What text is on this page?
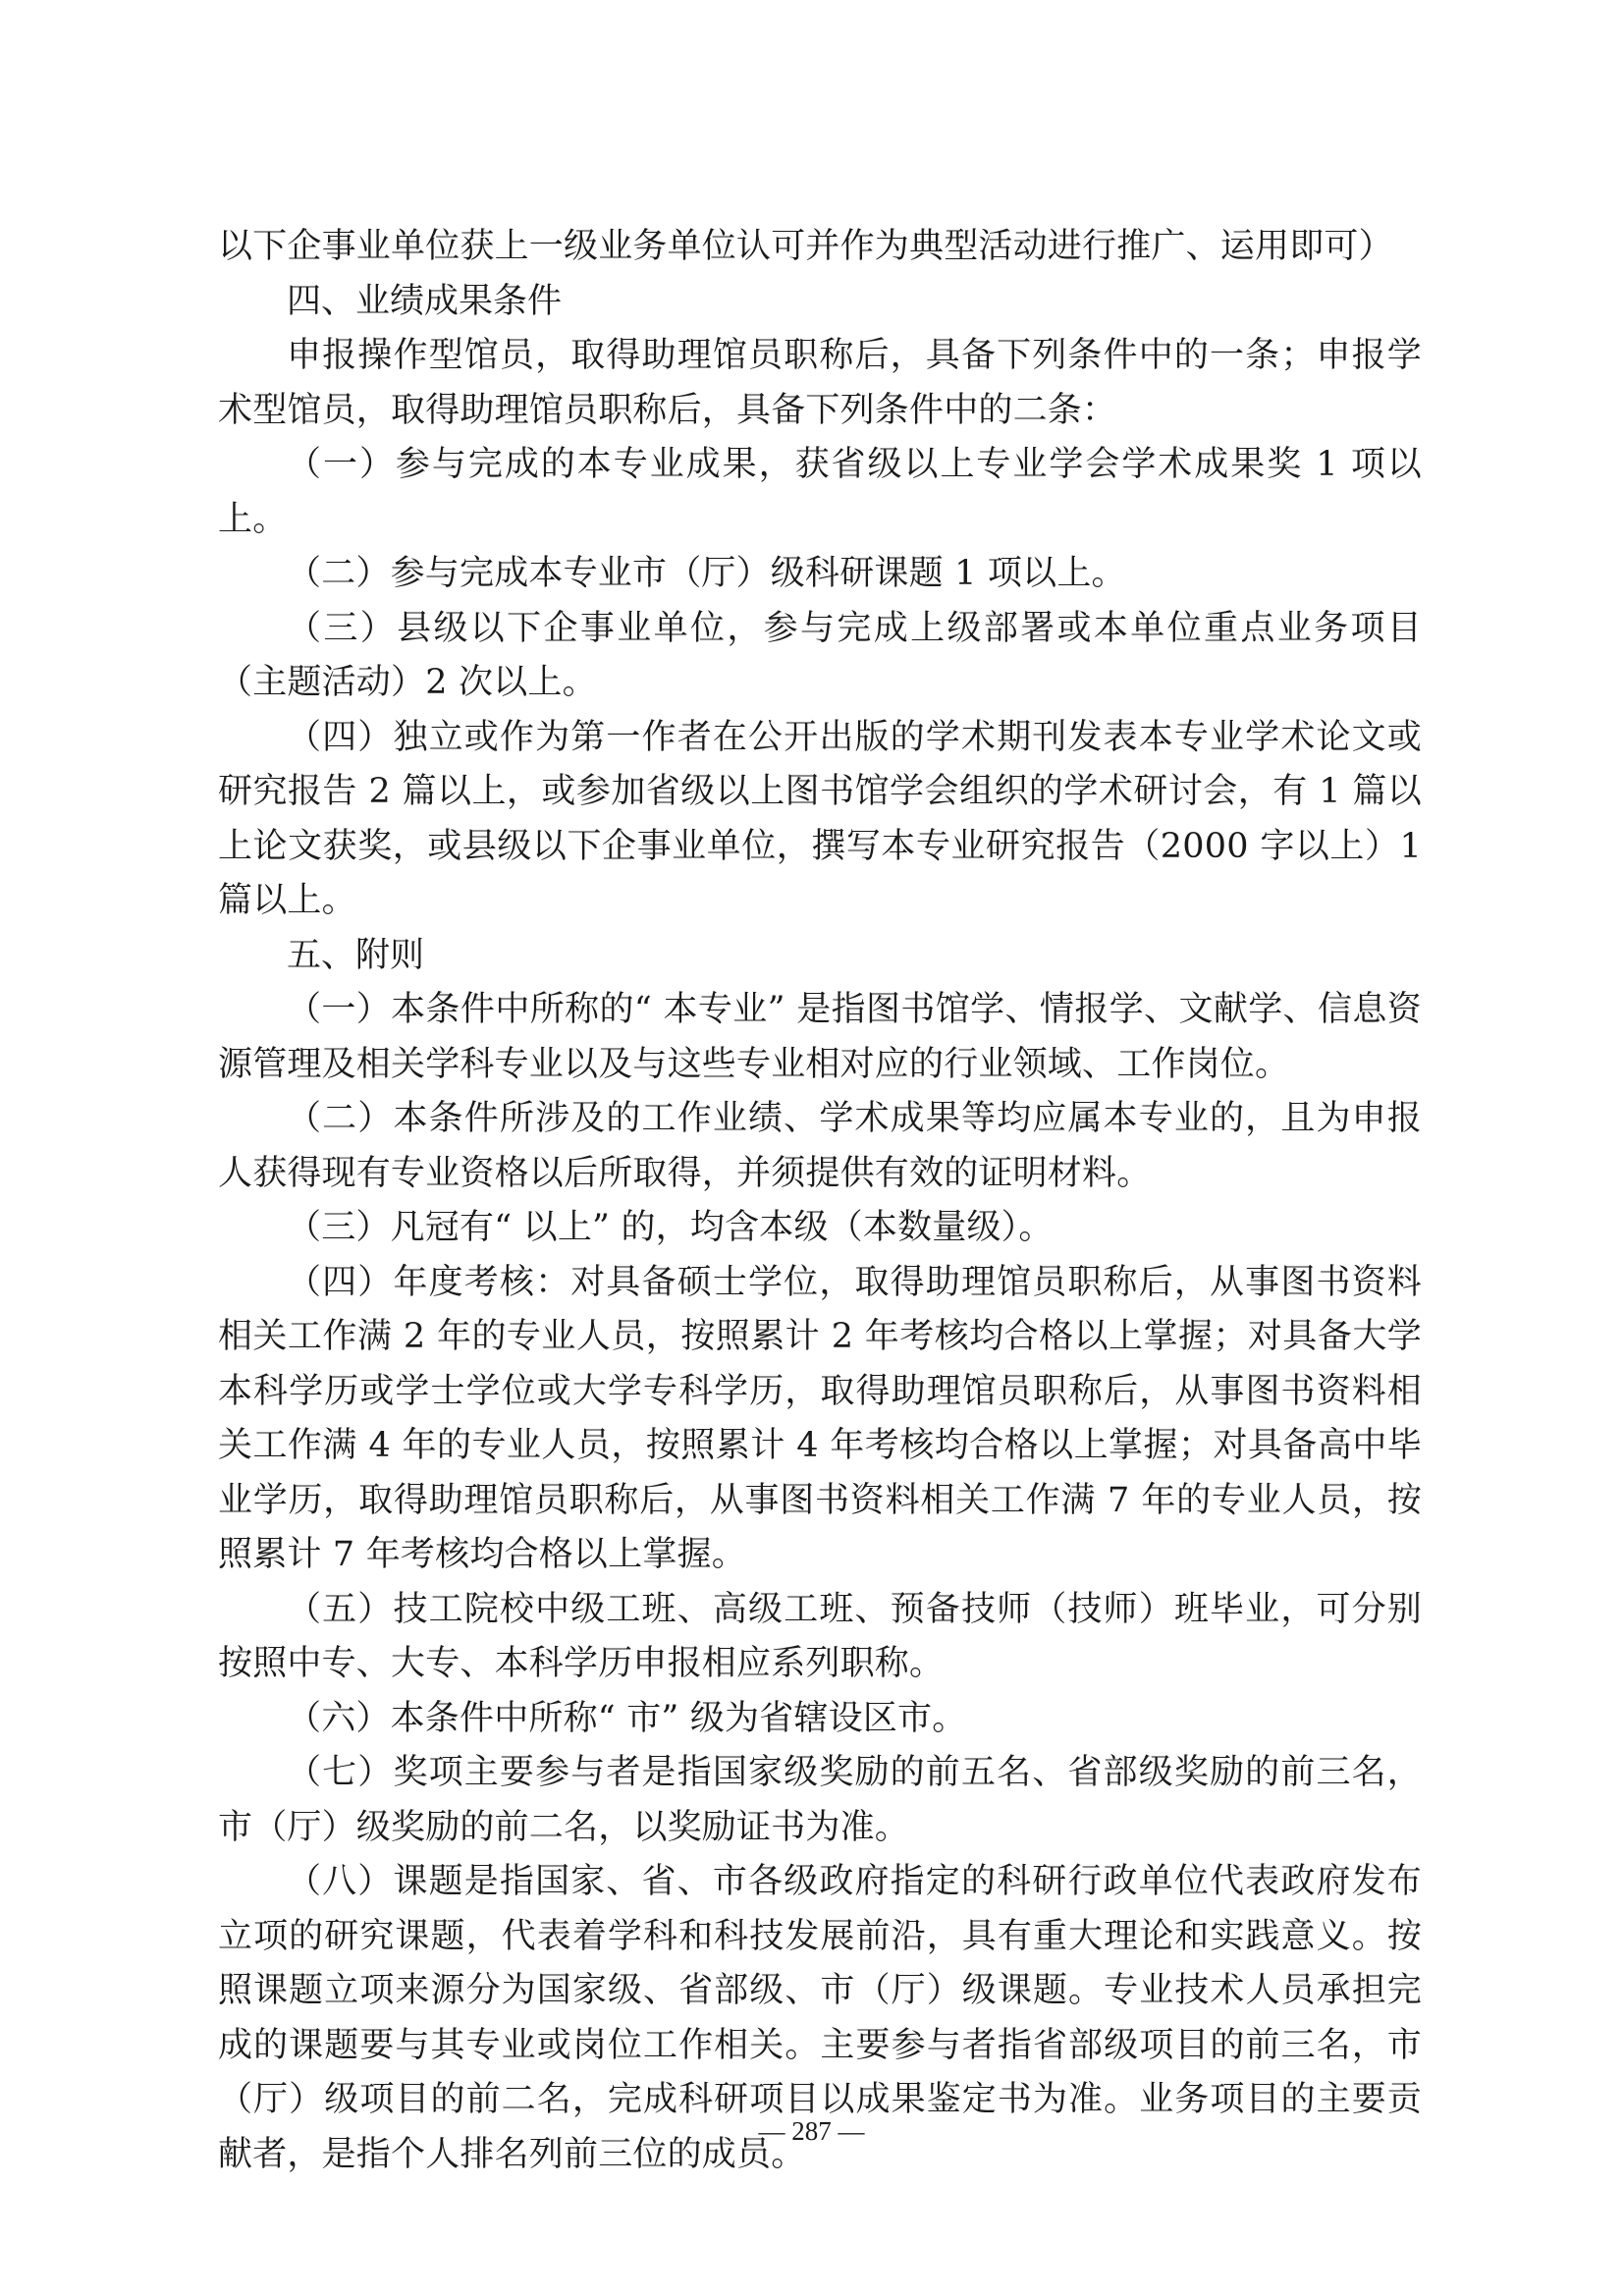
以下企事业单位获上一级业务单位认可并作为典型活动进行推广、运用即可）

四、业绩成果条件

申报操作型馆员，取得助理馆员职称后，具备下列条件中的一条；申报学术型馆员，取得助理馆员职称后，具备下列条件中的二条：

（一）参与完成的本专业成果，获省级以上专业学会学术成果奖 1 项以上。

（二）参与完成本专业市（厅）级科研课题 1 项以上。

（三）县级以下企事业单位，参与完成上级部署或本单位重点业务项目（主题活动）2 次以上。

（四）独立或作为第一作者在公开出版的学术期刊发表本专业学术论文或研究报告 2 篇以上，或参加省级以上图书馆学会组织的学术研讨会，有 1 篇以上论文获奖，或县级以下企事业单位，撰写本专业研究报告（2000 字以上）1 篇以上。

五、附则

（一）本条件中所称的“ 本专业” 是指图书馆学、情报学、文献学、信息资源管理及相关学科专业以及与这些专业相对应的行业领域、工作岗位。

（二）本条件所涉及的工作业绩、学术成果等均应属本专业的，且为申报人获得现有专业资格以后所取得，并须提供有效的证明材料。

（三）凡冠有“ 以上” 的，均含本级（本数量级）。

（四）年度考核：对具备硕士学位，取得助理馆员职称后，从事图书资料相关工作满 2 年的专业人员，按照累计 2 年考核均合格以上掌握；对具备大学本科学历或学士学位或大学专科学历，取得助理馆员职称后，从事图书资料相关工作满 4 年的专业人员，按照累计 4 年考核均合格以上掌握；对具备高中毕业学历，取得助理馆员职称后，从事图书资料相关工作满 7 年的专业人员，按照累计 7 年考核均合格以上掌握。

（五）技工院校中级工班、高级工班、预备技师（技师）班毕业，可分别按照中专、大专、本科学历申报相应系列职称。

（六）本条件中所称“ 市” 级为省辖设区市。

（七）奖项主要参与者是指国家级奖励的前五名、省部级奖励的前三名，市（厅）级奖励的前二名，以奖励证书为准。

（八）课题是指国家、省、市各级政府指定的科研行政单位代表政府发布立项的研究课题，代表着学科和科技发展前沿，具有重大理论和实践意义。按照课题立项来源分为国家级、省部级、市（厅）级课题。专业技术人员承担完成的课题要与其专业或岗位工作相关。主要参与者指省部级项目的前三名，市（厅）级项目的前二名，完成科研项目以成果鉴定书为准。业务项目的主要贡献者，是指个人排名列前三位的成员。

— 287 —
